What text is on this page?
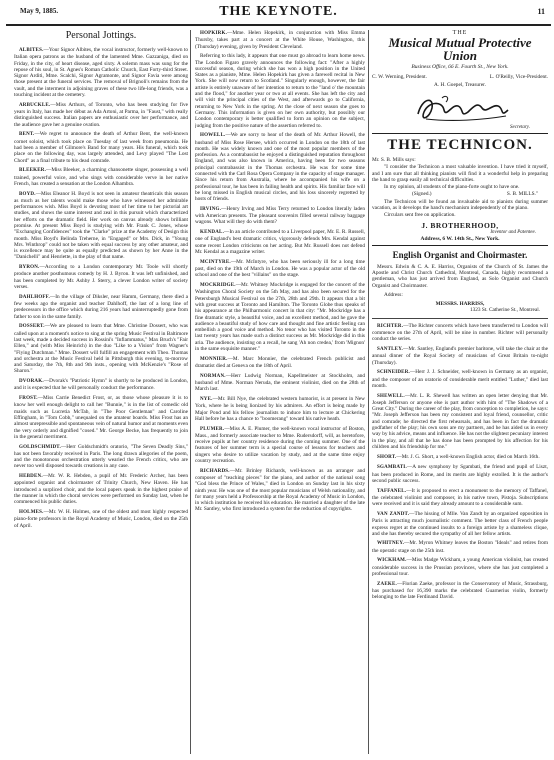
May 9, 1885.	THE KEYNOTE.	11
Personal Jottings.

ALBITES.—Your Signor Albites, the vocal instructor, formerly well-known to Italian opera patrons as the husband of the lamented Mme. Gazzaniga, died on Friday, in the city, of heart disease, aged sixty. A solemn mass was sung for the repose of his soul, in St. Agnes's Roman Catholic Church, East Forty-third Street. Signor Arditi, Mme. Scalchi, Signor Agramonte, and Signor Favia were among those present at the funeral services. The removal of Brignoli's remains from the vault, and the interment in adjoining graves of these two life-long friends, was a touching incident at the cemetery.

ARBUCKLE.—Miss Arthurs, of Toronto, who has been studying for five years in Italy, has made her début as Ada Artoni, at Parma, in "Faust," with really distinguished success. Italian papers are enthusiastic over her performance, and the audience gave her a genuine ovation.

BENT.—We regret to announce the death of Arthur Bent, the well-known cornet soloist, which took place on Tuesday of last week from pneumonia. He had been a member of Gilmore's Band for many years. His funeral, which took place on the following day, was largely attended, and Levy played "The Lost Chord" as a final tribute to his dead comrade.

BLEEKER.—Miss Bleeker, a charming chansonette singer, possessing a well trained, powerful voice, and who sings with considerable verve in her native French, has created a sensation at the London Alhambra.

BOYD.—Miss Eleanor H. Boyd is not seen in amateur theatricals this season as much as her talents would make those who have witnessed her admirable performances wish. Miss Boyd is devoting most of her time to her pictorial art studies, and shows the same interest and zeal in this pursuit which characterized her efforts on the dramatic field. Her work on canvas already shows brilliant promise. At present Miss Boyd is studying with Mr. Frank C. Jones, whose "Exchanging Confidences" took the "Clarke" prize at the Academy of Design this month. Miss Boyd's Belinda Treherne, in "Engaged" or Mrs. Dick, in "Young Mrs. Winthrop" could not be taken with equal success by any other amateur, and is excellence may be quite as equally predicted as shown by her Anne in the "Danichelli" and Henriette, in the play of that name.

BYRON.—According to a London contemporary Mr. Toole will shortly produce another posthumous comedy by H. J. Byron. It was left unfinished, and has been completed by Mr. Ashby J. Sterry, a clever London writer of society verses.

DAHLHOFF.—In the village of Diksler, near Hamm, Germany, there died a few weeks ago the organist and teacher Dahlhoff, the last of a long line of predecessors in the office which during 216 years had uninterruptedly gone from father to son in the same family.

DOSSERT.—We are pleased to learn that Mme. Christine Dossert, who was called upon at a moment's notice to sing at the spring Music Festival in Baltimore last week, made a decided success in Rossini's "Inflammatus," Max Bruch's "Fair Ellen," and (with Miss Heinrich) in the duo "Like to a Vision" from Wagner's "Flying Dutchman." Mme. Dossert will fulfill an engagement with Theo. Thomas and orchestra at the Music Festival held in Pittsburgh this evening, to-morrow and Saturday, the 7th, 8th and 9th insts., opening with McKenzie's "Rose of Sharon."

DVORAK.—Dvorak's "Patriotic Hymn" is shortly to be produced in London, and it is expected that he will personally conduct the performance.

FROST.—Miss Carrie Benedict Frost, or, as those whose pleasure it is to know her well enough delight to call her "Bunnie," is in the list of comedic old maids such as Lucretia McTab, in "The Poor Gentleman" and Caroline Effingham, in "Tom Cobb," unequaled on the amateur boards. Miss Frost has an almost unrepressible and spontaneous vein of natural humor and at moments even the very orderly and dignified "cosed." Mr. George Becke, has frequently to join in the general merriment.

GOLDSCHMIDT.—Herr Goldschmidt's oratorio, "The Seven Deadly Sins," has not been favorably received in Paris. The long drawn allegories of the poem, and the monotonous orchestration utterly wearied the French critics, who are never too well disposed towards creations in any case.

HEBDEN.—Mr. W. R. Hebden, a pupil of Mr. Frederic Archer, has been appointed organist and choirmaster of Trinity Church, New Haven. He has introduced a surpliced choir, and the local papers speak in the highest praise of the manner in which the choral services were performed on Sunday last, when he commenced his public duties.

HOLMES.—Mr. W. H. Holmes, one of the oldest and most highly respected piano-forte professors in the Royal Academy of Music, London, died on the 25th of April.

HOPKIRK.—Mme. Helen Hopekirk, in conjunction with Miss Emma Thursby, takes part at a concert at the White House, Washington, this (Thursday) evening, given by President Cleveland.

Referring to this lady, it appears that one must go abroad to learn home news. The London Figaro gravely announces the following fact: "After a highly successful season, during which she has won a high position in the United States as a pianiste, Mme. Helen Hopekirk has given a farewell recital in New York. She will now return to Scotland." Singularly enough, however, the fair artiste is entirely unaware of her intention to return to the "land o' the mountain and the flood," for another year or two at all events. She has left the city and will visit the principal cities of the West, and afterwards go to California, returning to New York in the spring. At the close of next season she goes to Germany. This information is given on her own authority, but possibly our London contemporary is better qualified to form an opinion on the subject, judging from the positive nature of the assertion referred to.

HOWELL.—We are sorry to hear of the death of Mr. Arthur Howell, the husband of Miss Rose Hersee, which occurred in London on the 18th of last month. He was widely known and one of the most popular members of the profession. As a contrabassist he enjoyed a distinguished reputation throughout England, and was also known in America, having been for two seasons principal contrabassist in the Thomas orchestra. He was for some time connected with the Carl Rosa Opera Company in the capacity of stage manager. Since his return from Australia, where he accompanied his wife on a professional tour, he has been in failing health and spirits. His familiar face will be long missed in English musical circles, and his loss sincerely regretted by hosts of friends.

IRVING.—Henry Irving and Miss Terry returned to London literally laden with American presents. The pleasant souvenirs filled several railway baggage wagons. What will they do with them?

KENDAL.—In an article contributed to a Liverpool paper, Mr. E. R. Russell, one of England's best dramatic critics, vigorously defends Mrs. Kendal against some recent London criticisms on her acting. But Mr. Russell does not defend Mr. Kendal as a magazine writer.

MCINTYRE.—Mr. McIntyre, who has been seriously ill for a long time past, died on the 19th of March in London. He was a popular actor of the old school and one of the best "villains" on the stage.

MOCKRIDGE.—Mr. Whitney Mockridge is engaged for the concert of the Washington Choral Society on the 5th May, and has also been secured for the Petersburgh Musical Festival on the 27th, 28th and 29th. It appears that a bit with great success at Toronto and Hamilton. The Toronto Globe thus speaks of his appearance at the Philharmonic concert in that city: "Mr. Mockridge has a fine dramatic style, a beautiful voice, and an excellent method, and he gave the audience a beautiful study of how care and thought and fine artistic feeling can embellish a good voice and method. No tenor who has visited Toronto in the last twenty years has made such a distinct success as Mr. Mockridge did in this aria. The audience, insisting on a recall, he sang 'Ah non credea,' from 'Mignon' in the same exquisite manner."

MONNIER.—M. Marc Monnier, the celebrated French publicist and dramatist died at Geneva on the 18th of April.

NORMAN.—Herr Ludwig Norman, Kapellmeister at Stockholm, and husband of Mme. Norman Neruda, the eminent violinist, died on the 28th of March last.

NYE.—Mr. Bill Nye, the celebrated western humorist, is at present in New York, where he is being lionized by his admirers. An effort is being made by Major Pond and his fellow journalists to induce him to lecture at Chickering Hall before he has a chance to "boomerang" toward his native heath.

PLUMER.—Miss A. E. Plumer, the well-known vocal instructor of Boston, Mass., and formerly associate teacher to Mme. Rudersdorff, will, as heretofore, receive pupils at her country residence during the coming summer. One of the features of her summer term is a special course of lessons for teachers and singers who desire to utilize vacation by study, and at the same time enjoy country recreation.

RICHARDS.—Mr. Brinley Richards, well-known as an arranger and composer of "teaching pieces" for the piano, and author of the national song "God bless the Prince of Wales," died in London on Sunday last in his sixty ninth year. He was one of the most popular musicians of Welsh nationality, and for many years held a Professorship at the Royal Academy of Music in London, in which institution he received his education. He married a daughter of the late Mr. Santley, who first introduced a system for the reduction of copyrights.

THE
Musical Mutual Protective Union
Business Office, 66 E. Fourth St., New York.
C. W. Werning, President.	L. O'Reilly, Vice-President.
A. H. Goepel, Treasurer.
Secretary.
THE TECHNICON.

Mr. S. B. Mills says:

"I consider the Technicon a most valuable invention. I have tried it myself, and I am sure that all thinking pianists will find it a wonderful help in preparing the hand to grasp easily all technical difficulties.

In my opinion, all students of the piano-forte ought to have one.

(Signed.)	S. B. MILLS."

The Technicon will be found an invaluable aid to pianists during summer vacation, as it develops the hand's mechanism independently of the piano.

Circulars sent free on application.

J. BROTHERHOOD,
Inventor and Patentee.
Address, 6 W. 14th St., New York.
English Organist and Choirmaster.
Messrs. Edwin & C. A. E. Harriss, Organists of the Church of St. James the Apostle and Christ Church Cathedral, Montreal, Canada, highly recommend a gentleman, who has just arrived from England, as Solo Organist and Church Organist and Choirmaster.
Address:
MESSRS. HARRISS,
1323 St. Catherine St., Montreal.

RICHTER.—The Richter concerts which have been transferred to London will commence on the 27th of April, will be nine in number. Richter will personally conduct the series.

SANTLEY.—Mr. Santley, England's premier baritone, will take the chair at the annual dinner of the Royal Society of musicians of Great Britain to-night (Thursday).

SCHNEIDER.—Herr J. J. Schneider, well-known in Germany as an organist, and the composer of an oratorio of considerable merit entitled "Luther," died last month.

SHEWELL.—Mr. L. R. Shewell has written an open letter denying that Mr. Joseph Jefferson or anyone else is part author with him of "The Shadows of a Great City." During the career of the play, from conception to completion, he says: "Mr. Joseph Jefferson has been my consistent and loyal friend, counsellor, critic and comrade; he directed the first rehearsals, and has been in fact the dramatic godfather of the play; his own sons are my partners, and he has aided us in every way by his advice, means and influence. He has not the slightest pecuniary interest in the play, and all that he has done has been prompted by his affection for his children and his friendship for me."

SHORT.—Mr. J. G. Short, a well-known English actor, died on March 16th.

SGAMBATI.—A new symphony by Sgambati, the friend and pupil of Liszt, has been produced in Rome, and its merits are highly extolled. It is the author's second public success.

TAFFANEL.—It is proposed to erect a monument to the memory of Taffanel, the celebrated violinist and composer, in his native town, Pistoja. Subscriptions were received and it is said they already amount to a considerable sum.

VAN ZANDT.—The hissing of Mlle. Van Zandt by an organized opposition in Paris is attracting much journalistic comment. The better class of French people express regret at the continued insults to a foreign artiste by a shameless clique, and she has thereby secured the sympathy of all her fellow artists.

WHITNEY.—Mr. Myron Whitney leaves the Boston "Ideals" and retires from the operatic stage on the 25th inst.

WICKHAM.—Miss Madge Wickham, a young American violinist, has created considerable success in the Prussian provinces, where she has just completed a professional tour.

ZAEKE.—Florian Zaeke, professor in the Conservatory of Music, Strassburg, has purchased for 16,390 marks the celebrated Guarnerius violin, formerly belonging to the late Ferdinand David.
